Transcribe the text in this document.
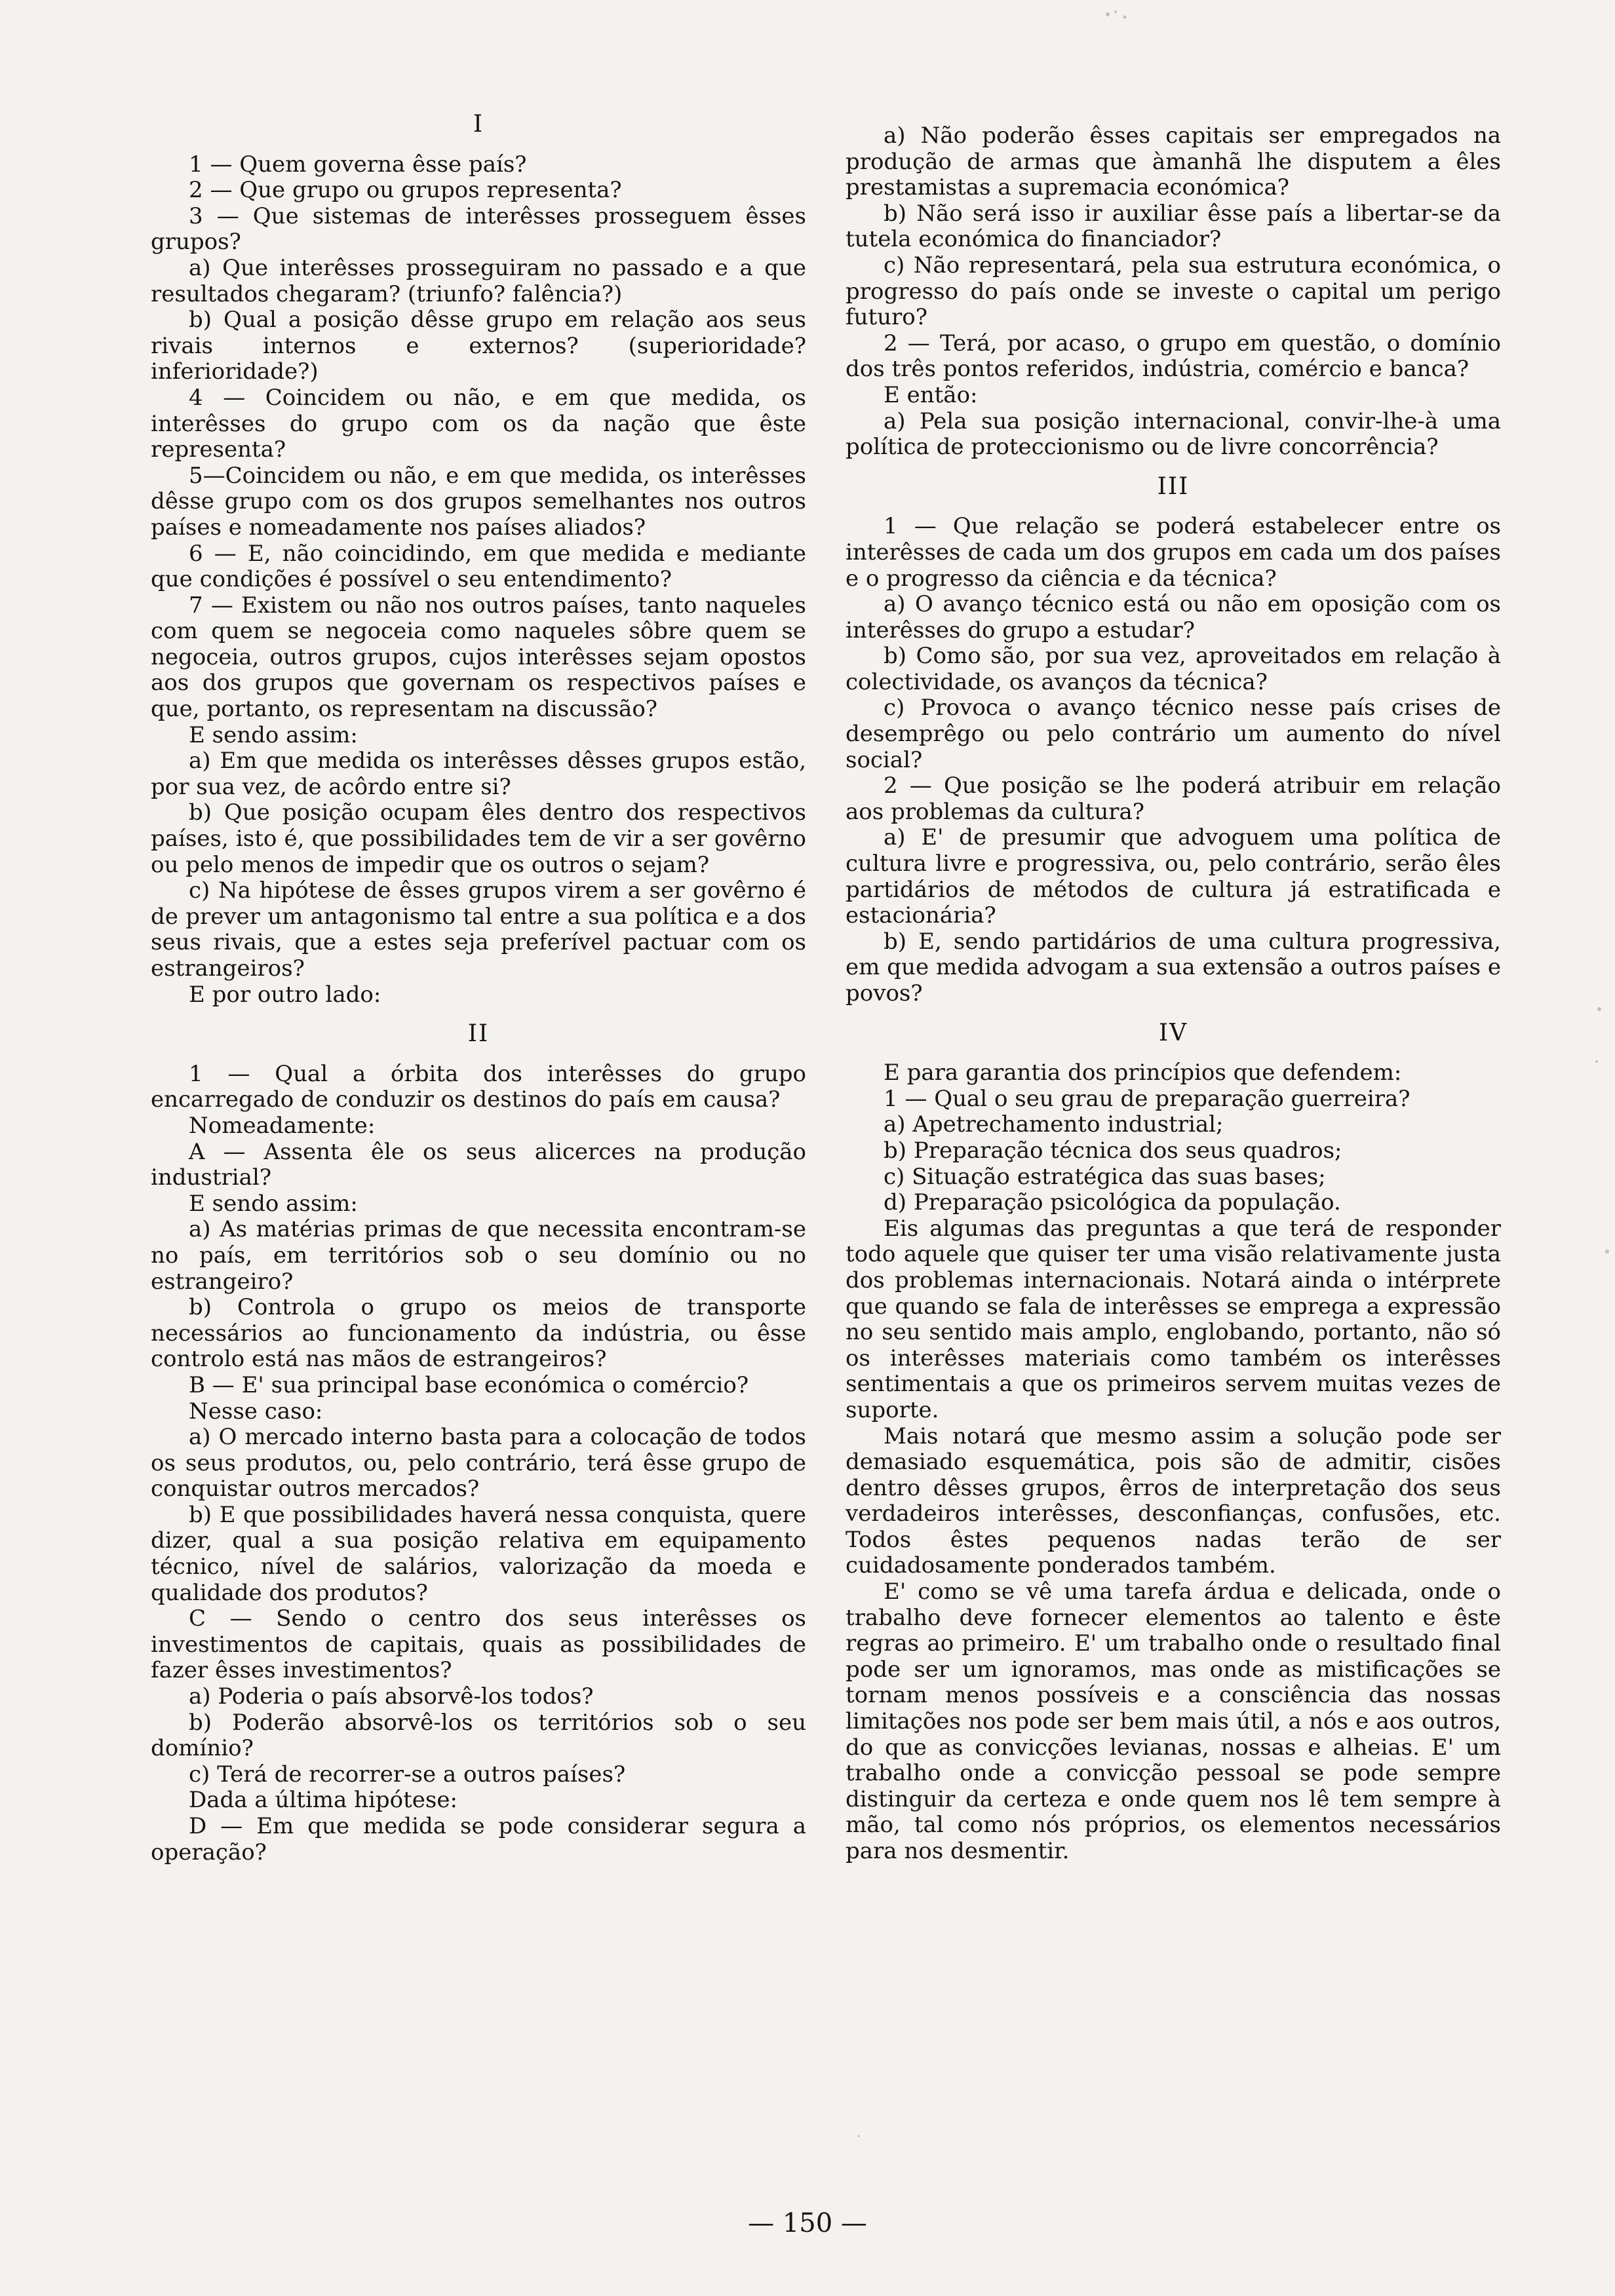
I

1 — Quem governa êsse país?

2 — Que grupo ou grupos representa?

3 — Que sistemas de interêsses prosseguem êsses grupos?

a) Que interêsses prosseguiram no passado e a que resultados chegaram? (triunfo? falência?)

b) Qual a posição dêsse grupo em relação aos seus rivais internos e externos? (superioridade? inferioridade?)

4 — Coincidem ou não, e em que medida, os interêsses do grupo com os da nação que êste representa?

5—Coincidem ou não, e em que medida, os interêsses dêsse grupo com os dos grupos semelhantes nos outros países e nomeadamente nos países aliados?

6 — E, não coincidindo, em que medida e mediante que condições é possível o seu entendimento?

7 — Existem ou não nos outros países, tanto naqueles com quem se negoceia como naqueles sôbre quem se negoceia, outros grupos, cujos interêsses sejam opostos aos dos grupos que governam os respectivos países e que, portanto, os representam na discussão?

E sendo assim:

a) Em que medida os interêsses dêsses grupos estão, por sua vez, de acôrdo entre si?

b) Que posição ocupam êles dentro dos respectivos países, isto é, que possibilidades tem de vir a ser govêrno ou pelo menos de impedir que os outros o sejam?

c) Na hipótese de êsses grupos virem a ser govêrno é de prever um antagonismo tal entre a sua política e a dos seus rivais, que a estes seja preferível pactuar com os estrangeiros?

E por outro lado:

II

1 — Qual a órbita dos interêsses do grupo encarregado de conduzir os destinos do país em causa?

Nomeadamente:

A — Assenta êle os seus alicerces na produção industrial?

E sendo assim:

a) As matérias primas de que necessita encontram-se no país, em territórios sob o seu domínio ou no estrangeiro?

b) Controla o grupo os meios de transporte necessários ao funcionamento da indústria, ou êsse controlo está nas mãos de estrangeiros?

B — E' sua principal base económica o comércio?

Nesse caso:

a) O mercado interno basta para a colocação de todos os seus produtos, ou, pelo contrário, terá êsse grupo de conquistar outros mercados?

b) E que possibilidades haverá nessa conquista, quere dizer, qual a sua posição relativa em equipamento técnico, nível de salários, valorização da moeda e qualidade dos produtos?

C — Sendo o centro dos seus interêsses os investimentos de capitais, quais as possibilidades de fazer êsses investimentos?

a) Poderia o país absorvê-los todos?

b) Poderão absorvê-los os territórios sob o seu domínio?

c) Terá de recorrer-se a outros países?

Dada a última hipótese:

D — Em que medida se pode considerar segura a operação?

a) Não poderão êsses capitais ser empregados na produção de armas que àmanhã lhe disputem a êles prestamistas a supremacia económica?

b) Não será isso ir auxiliar êsse país a libertar-se da tutela económica do financiador?

c) Não representará, pela sua estrutura económica, o progresso do país onde se investe o capital um perigo futuro?

2 — Terá, por acaso, o grupo em questão, o domínio dos três pontos referidos, indústria, comércio e banca?

E então:

a) Pela sua posição internacional, convir-lhe-à uma política de proteccionismo ou de livre concorrência?

III

1 — Que relação se poderá estabelecer entre os interêsses de cada um dos grupos em cada um dos países e o progresso da ciência e da técnica?

a) O avanço técnico está ou não em oposição com os interêsses do grupo a estudar?

b) Como são, por sua vez, aproveitados em relação à colectividade, os avanços da técnica?

c) Provoca o avanço técnico nesse país crises de desemprêgo ou pelo contrário um aumento do nível social?

2 — Que posição se lhe poderá atribuir em relação aos problemas da cultura?

a) E' de presumir que advoguem uma política de cultura livre e progressiva, ou, pelo contrário, serão êles partidários de métodos de cultura já estratificada e estacionária?

b) E, sendo partidários de uma cultura progressiva, em que medida advogam a sua extensão a outros países e povos?

IV

E para garantia dos princípios que defendem:

1 — Qual o seu grau de preparação guerreira?

a) Apetrechamento industrial;

b) Preparação técnica dos seus quadros;

c) Situação estratégica das suas bases;

d) Preparação psicológica da população.

Eis algumas das preguntas a que terá de responder todo aquele que quiser ter uma visão relativamente justa dos problemas internacionais. Notará ainda o intérprete que quando se fala de interêsses se emprega a expressão no seu sentido mais amplo, englobando, portanto, não só os interêsses materiais como também os interêsses sentimentais a que os primeiros servem muitas vezes de suporte.

Mais notará que mesmo assim a solução pode ser demasiado esquemática, pois são de admitir, cisões dentro dêsses grupos, êrros de interpretação dos seus verdadeiros interêsses, desconfianças, confusões, etc. Todos êstes pequenos nadas terão de ser cuidadosamente ponderados também.

E' como se vê uma tarefa árdua e delicada, onde o trabalho deve fornecer elementos ao talento e êste regras ao primeiro. E' um trabalho onde o resultado final pode ser um ignoramos, mas onde as mistificações se tornam menos possíveis e a consciência das nossas limitações nos pode ser bem mais útil, a nós e aos outros, do que as convicções levianas, nossas e alheias. E' um trabalho onde a convicção pessoal se pode sempre distinguir da certeza e onde quem nos lê tem sempre à mão, tal como nós próprios, os elementos necessários para nos desmentir.

— 150 —
